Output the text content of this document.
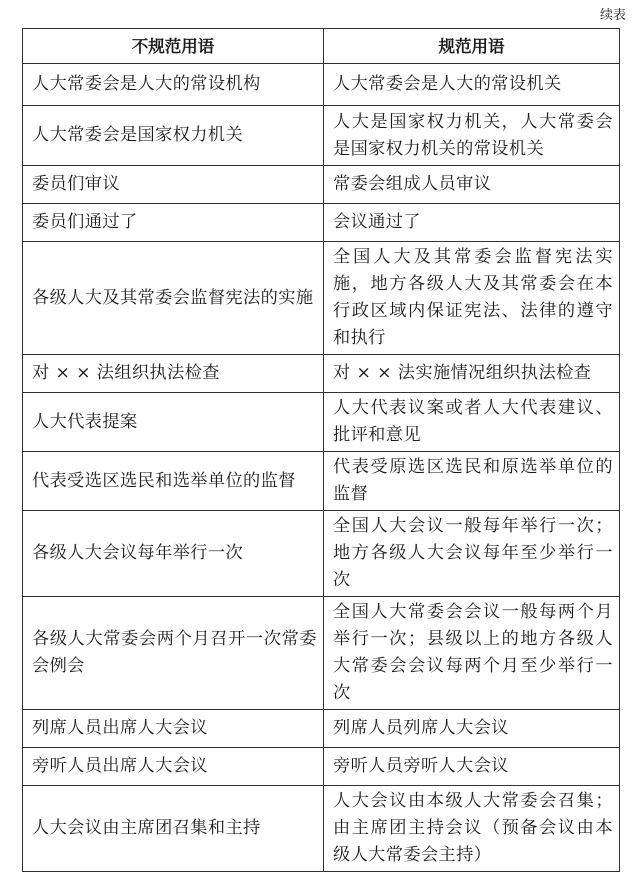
续表
不规范用语	规范用语
人大常委会是人大的常设机构	人大常委会是人大的常设机关
人大常委会是国家权力机关	人大是国家权力机关，人大常委会是国家权力机关的常设机关
委员们审议	常委会组成人员审议
委员们通过了	会议通过了
各级人大及其常委会监督宪法的实施	全国人大及其常委会监督宪法实施，地方各级人大及其常委会在本行政区域内保证宪法、法律的遵守和执行
对 × × 法组织执法检查	对 × × 法实施情况组织执法检查
人大代表提案	人大代表议案或者人大代表建议、批评和意见
代表受选区选民和选举单位的监督	代表受原选区选民和原选举单位的监督
各级人大会议每年举行一次	全国人大会议一般每年举行一次；地方各级人大会议每年至少举行一次
各级人大常委会两个月召开一次常委会例会	全国人大常委会会议一般每两个月举行一次；县级以上的地方各级人大常委会会议每两个月至少举行一次
列席人员出席人大会议	列席人员列席人大会议
旁听人员出席人大会议	旁听人员旁听人大会议
人大会议由主席团召集和主持	人大会议由本级人大常委会召集；由主席团主持会议（预备会议由本级人大常委会主持）
